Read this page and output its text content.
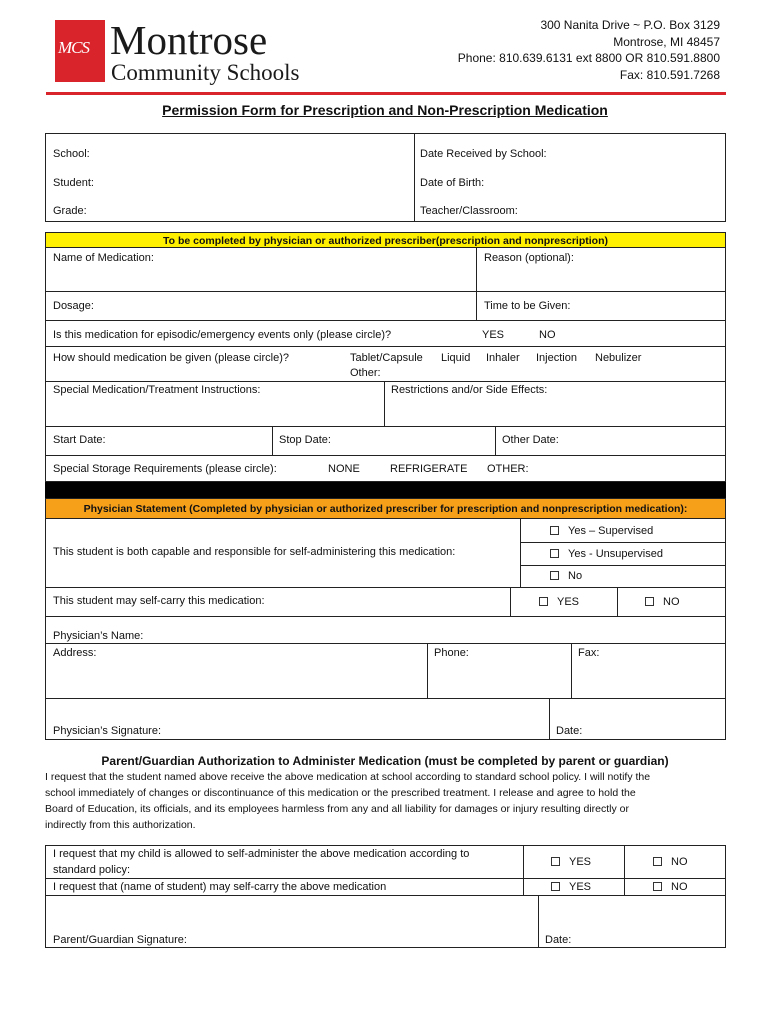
MCS Montrose
Community Schools
300 Nanita Drive ~ P.O. Box 3129
Montrose, MI 48457
Phone: 810.639.6131 ext 8800 OR 810.591.8800
Fax: 810.591.7268
Permission Form for Prescription and Non-Prescription Medication
School:	Date Received by School:
Student:	Date of Birth:
Grade:	Teacher/Classroom:
To be completed by physician or authorized prescriber(prescription and nonprescription)
Name of Medication:	Reason (optional):
Dosage:	Time to be Given:
Is this medication for episodic/emergency events only (please circle)?	YES	NO
How should medication be given (please circle)?	Tablet/Capsule Liquid Inhaler Injection Nebulizer
Other:
Special Medication/Treatment Instructions:	Restrictions and/or Side Effects:
Start Date:	Stop Date:	Other Date:
Special Storage Requirements (please circle):	NONE	REFRIGERATE OTHER:
Physician Statement (Completed by physician or authorized prescriber for prescription and nonprescription medication):
This student is both capable and responsible for self-administering this medication:
Yes – Supervised
Yes - Unsupervised
No
This student may self-carry this medication:	YES	NO
Physician’s Name:
Address:	Phone:	Fax:
Physician’s Signature:	Date:
Parent/Guardian Authorization to Administer Medication (must be completed by parent or guardian)
I request that the student named above receive the above medication at school according to standard school policy. I will notify the
school immediately of changes or discontinuance of this medication or the prescribed treatment. I release and agree to hold the
Board of Education, its officials, and its employees harmless from any and all liability for damages or injury resulting directly or
indirectly from this authorization.
I request that my child is allowed to self-administer the above medication according to
standard policy:
YES	NO
I request that (name of student) may self-carry the above medication	YES	NO
Parent/Guardian Signature:	Date:
